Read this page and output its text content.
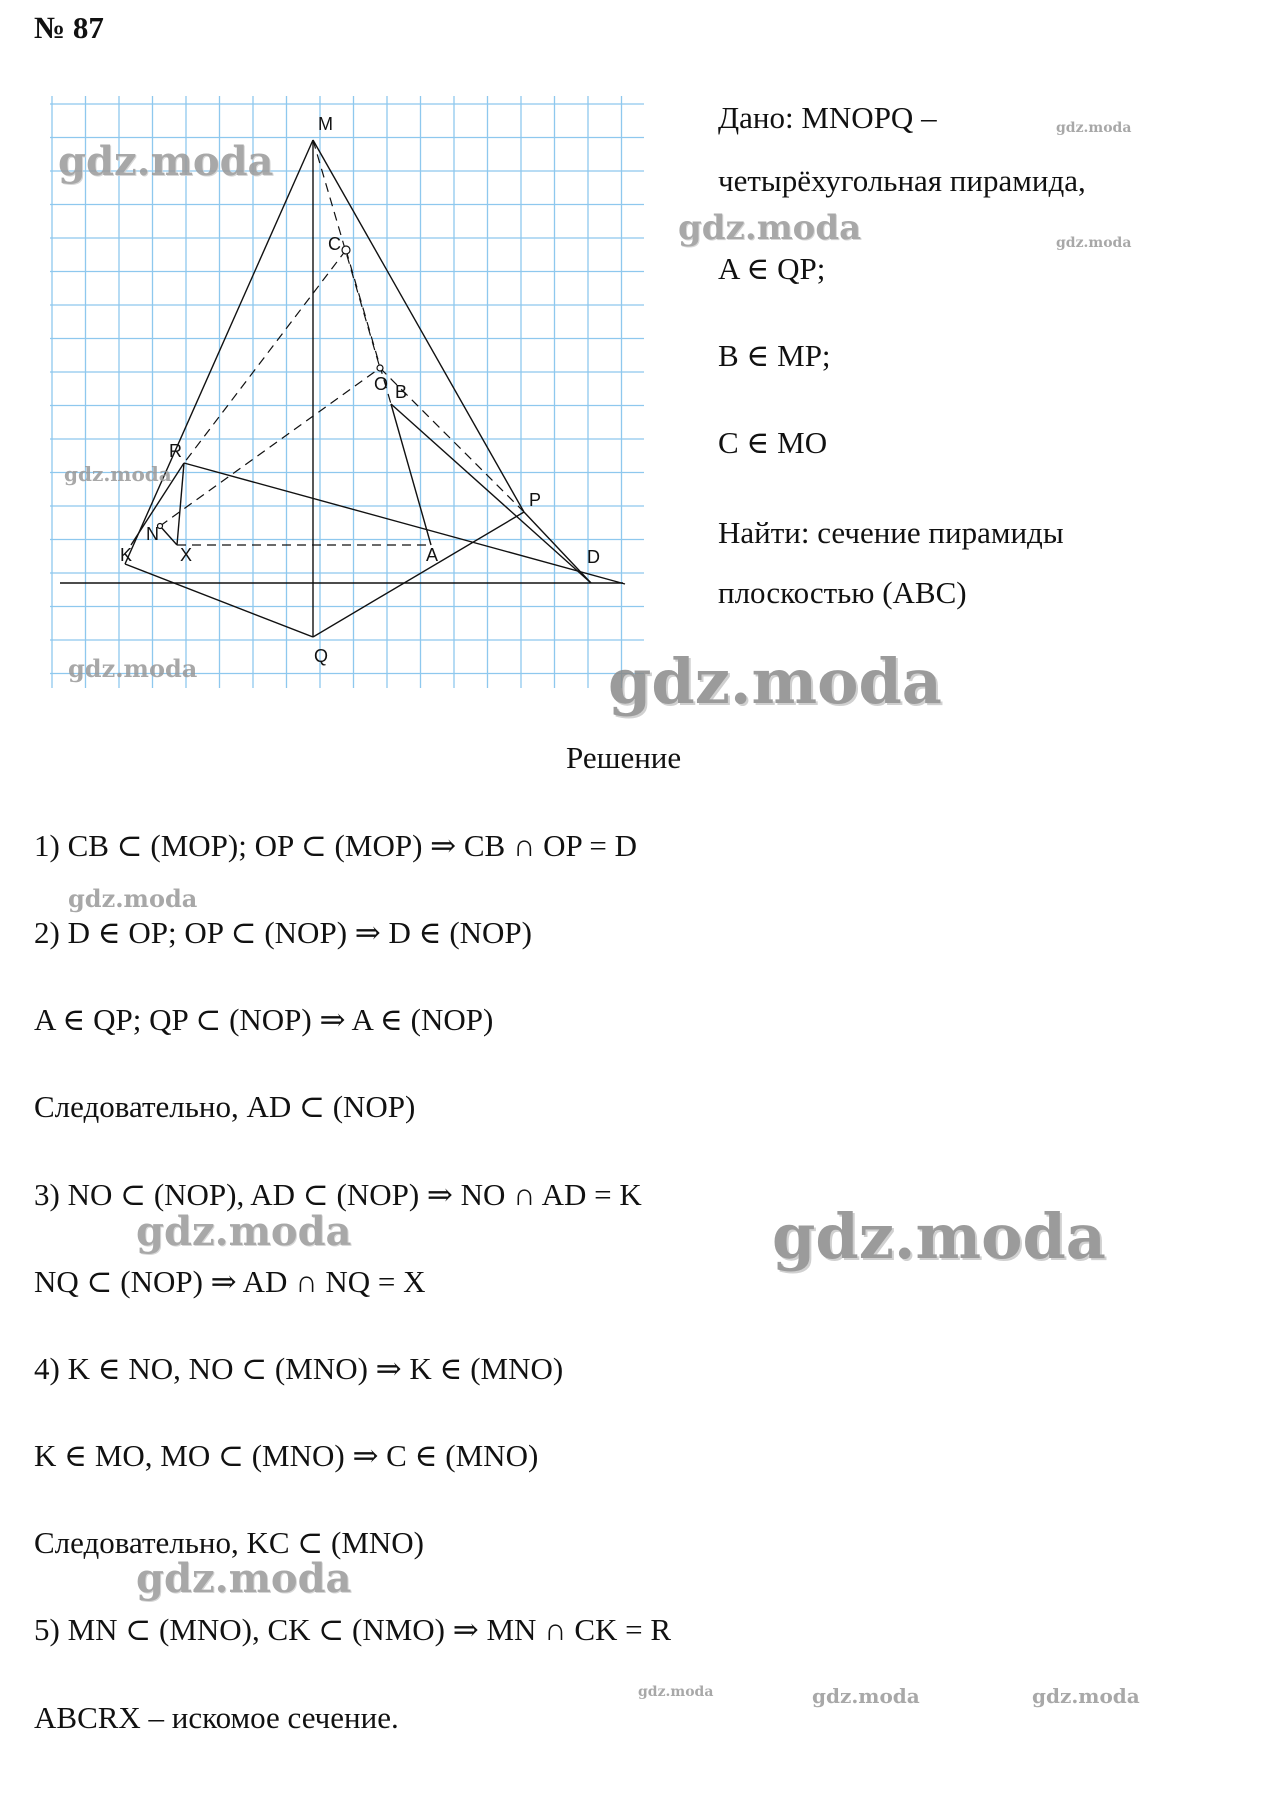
№ 87
M
C
O B
R
P
N
K	X	A	D
Q
Дано: MNOPQ –
четырёхугольная пирамида,
A ∈ QP;
B ∈ MP;
C ∈ MO
Найти: сечение пирамиды
плоскостью (ABC)
Решение
1) CB ⊂ (MOP); OP ⊂ (MOP) ⇒ CB ∩ OP = D
2) D ∈ OP; OP ⊂ (NOP) ⇒ D ∈ (NOP)
A ∈ QP; QP ⊂ (NOP) ⇒ A ∈ (NOP)
Следовательно, AD ⊂ (NOP)
3) NO ⊂ (NOP), AD ⊂ (NOP) ⇒ NO ∩ AD = K
NQ ⊂ (NOP) ⇒ AD ∩ NQ = X
4) K ∈ NO, NO ⊂ (MNO) ⇒ K ∈ (MNO)
K ∈ MO, MO ⊂ (MNO) ⇒ C ∈ (MNO)
Следовательно, KC ⊂ (MNO)
5) MN ⊂ (MNO), CK ⊂ (NMO) ⇒ MN ∩ CK = R
ABCRX – искомое сечение.
gdz.moda
gdz.moda
gdz.moda
gdz.moda
gdz.moda
gdz.moda	gdz.moda
gdz.moda
gdz.moda	gdz.moda
gdz.moda
gdz.moda	gdz.moda	gdz.moda
